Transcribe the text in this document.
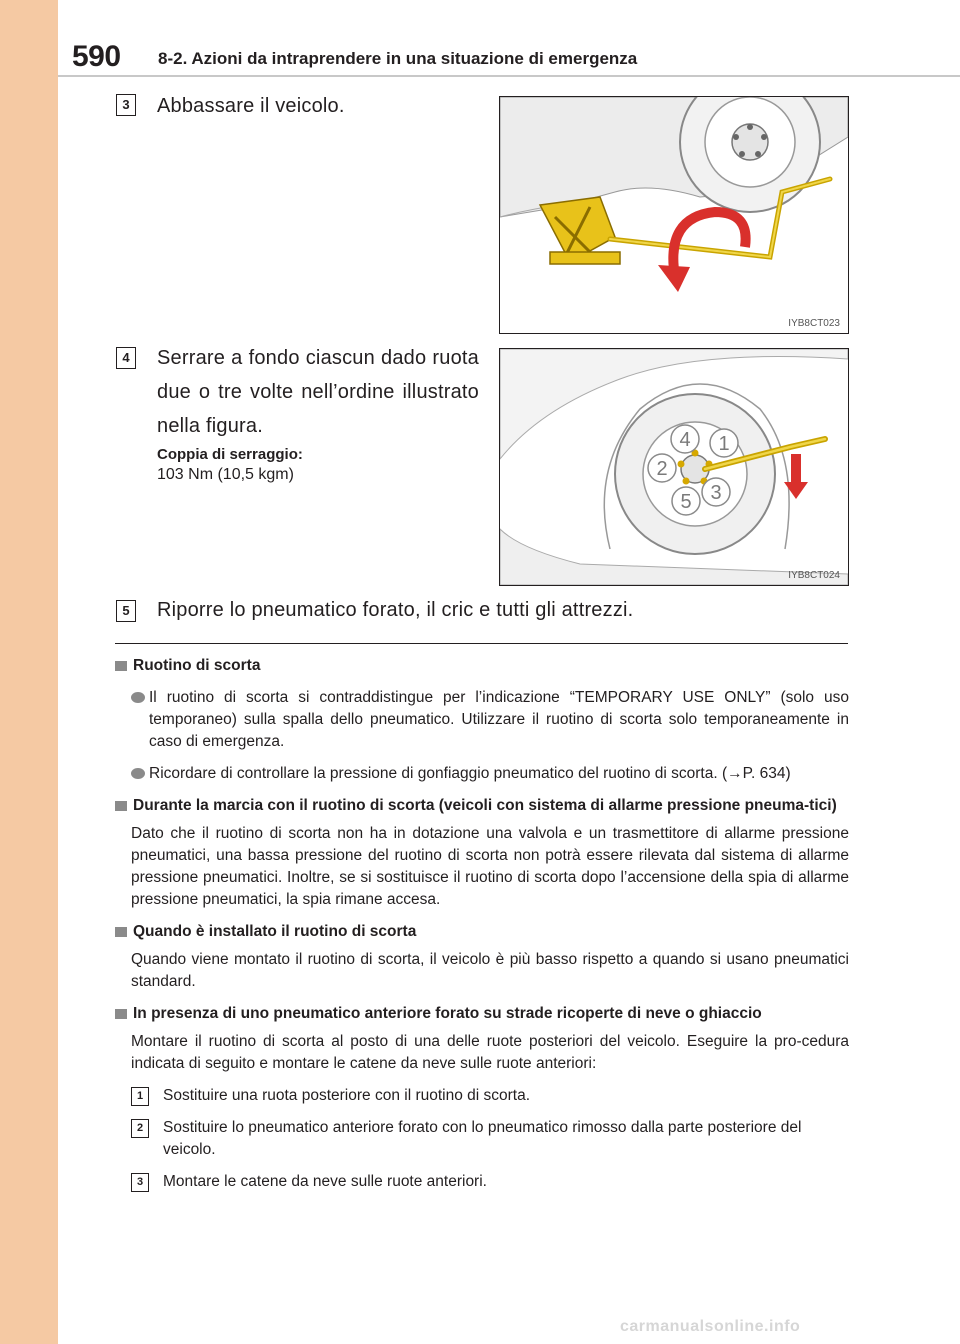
590 8-2. Azioni da intraprendere in una situazione di emergenza
3	Abbassare il veicolo.
IYB8CT023
4	Serrare a fondo ciascun dado ruota due o tre volte nell’ordine illustrato nella figura.
Coppia di serraggio:
103 Nm (10,5 kgm)
1
2
3
4
5
IYB8CT024
5	Riporre lo pneumatico forato, il cric e tutti gli attrezzi.
Ruotino di scorta
Il ruotino di scorta si contraddistingue per l’indicazione “TEMPORARY USE ONLY” (solo uso temporaneo) sulla spalla dello pneumatico. Utilizzare il ruotino di scorta solo temporaneamente in caso di emergenza.
Ricordare di controllare la pressione di gonfiaggio pneumatico del ruotino di scorta. (→P. 634)
Durante la marcia con il ruotino di scorta (veicoli con sistema di allarme pressione pneuma-tici)
Dato che il ruotino di scorta non ha in dotazione una valvola e un trasmettitore di allarme pressione pneumatici, una bassa pressione del ruotino di scorta non potrà essere rilevata dal sistema di allarme pressione pneumatici. Inoltre, se si sostituisce il ruotino di scorta dopo l’accensione della spia di allarme pressione pneumatici, la spia rimane accesa.
Quando è installato il ruotino di scorta
Quando viene montato il ruotino di scorta, il veicolo è più basso rispetto a quando si usano pneumatici standard.
In presenza di uno pneumatico anteriore forato su strade ricoperte di neve o ghiaccio
Montare il ruotino di scorta al posto di una delle ruote posteriori del veicolo. Eseguire la pro-cedura indicata di seguito e montare le catene da neve sulle ruote anteriori:
1	Sostituire una ruota posteriore con il ruotino di scorta.
2	Sostituire lo pneumatico anteriore forato con lo pneumatico rimosso dalla parte posteriore del veicolo.
3	Montare le catene da neve sulle ruote anteriori.
carmanualsonline.info
